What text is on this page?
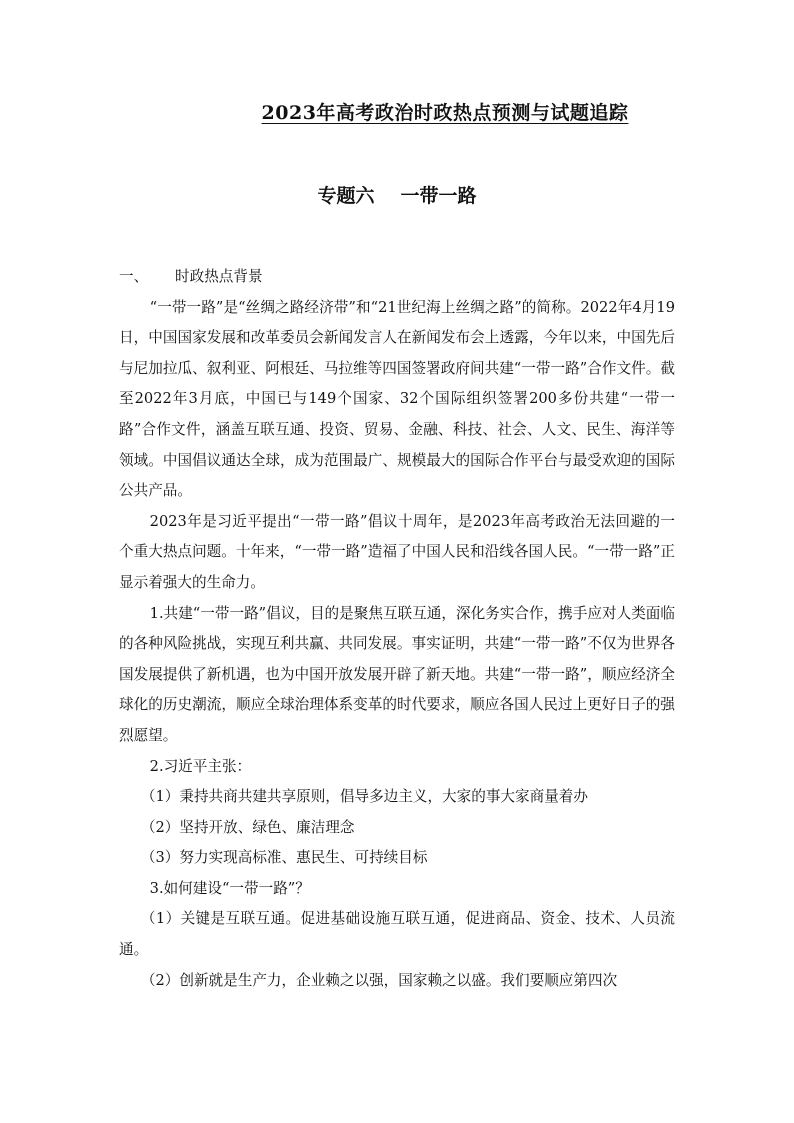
2023年高考政治时政热点预测与试题追踪
专题六 一带一路
一、 时政热点背景

“一带一路”是“丝绸之路经济带”和“21世纪海上丝绸之路”的简称。2022年4月19日，中国国家发展和改革委员会新闻发言人在新闻发布会上透露，今年以来，中国先后与尼加拉瓜、叙利亚、阿根廷、马拉维等四国签署政府间共建“一带一路”合作文件。截至2022年3月底，中国已与149个国家、32个国际组织签署200多份共建“一带一路”合作文件，涵盖互联互通、投资、贸易、金融、科技、社会、人文、民生、海洋等领域。中国倡议通达全球，成为范围最广、规模最大的国际合作平台与最受欢迎的国际公共产品。

2023年是习近平提出“一带一路”倡议十周年，是2023年高考政治无法回避的一个重大热点问题。十年来，“一带一路”造福了中国人民和沿线各国人民。“一带一路”正显示着强大的生命力。

1.共建“一带一路”倡议，目的是聚焦互联互通，深化务实合作，携手应对人类面临的各种风险挑战，实现互利共赢、共同发展。事实证明，共建“一带一路”不仅为世界各国发展提供了新机遇，也为中国开放发展开辟了新天地。共建“一带一路”，顺应经济全球化的历史潮流，顺应全球治理体系变革的时代要求，顺应各国人民过上更好日子的强烈愿望。

2.习近平主张：

（1）秉持共商共建共享原则，倡导多边主义，大家的事大家商量着办

（2）坚持开放、绿色、廉洁理念

（3）努力实现高标准、惠民生、可持续目标

3.如何建设“一带一路”？

（1）关键是互联互通。促进基础设施互联互通，促进商品、资金、技术、人员流通。

（2）创新就是生产力，企业赖之以强，国家赖之以盛。我们要顺应第四次
